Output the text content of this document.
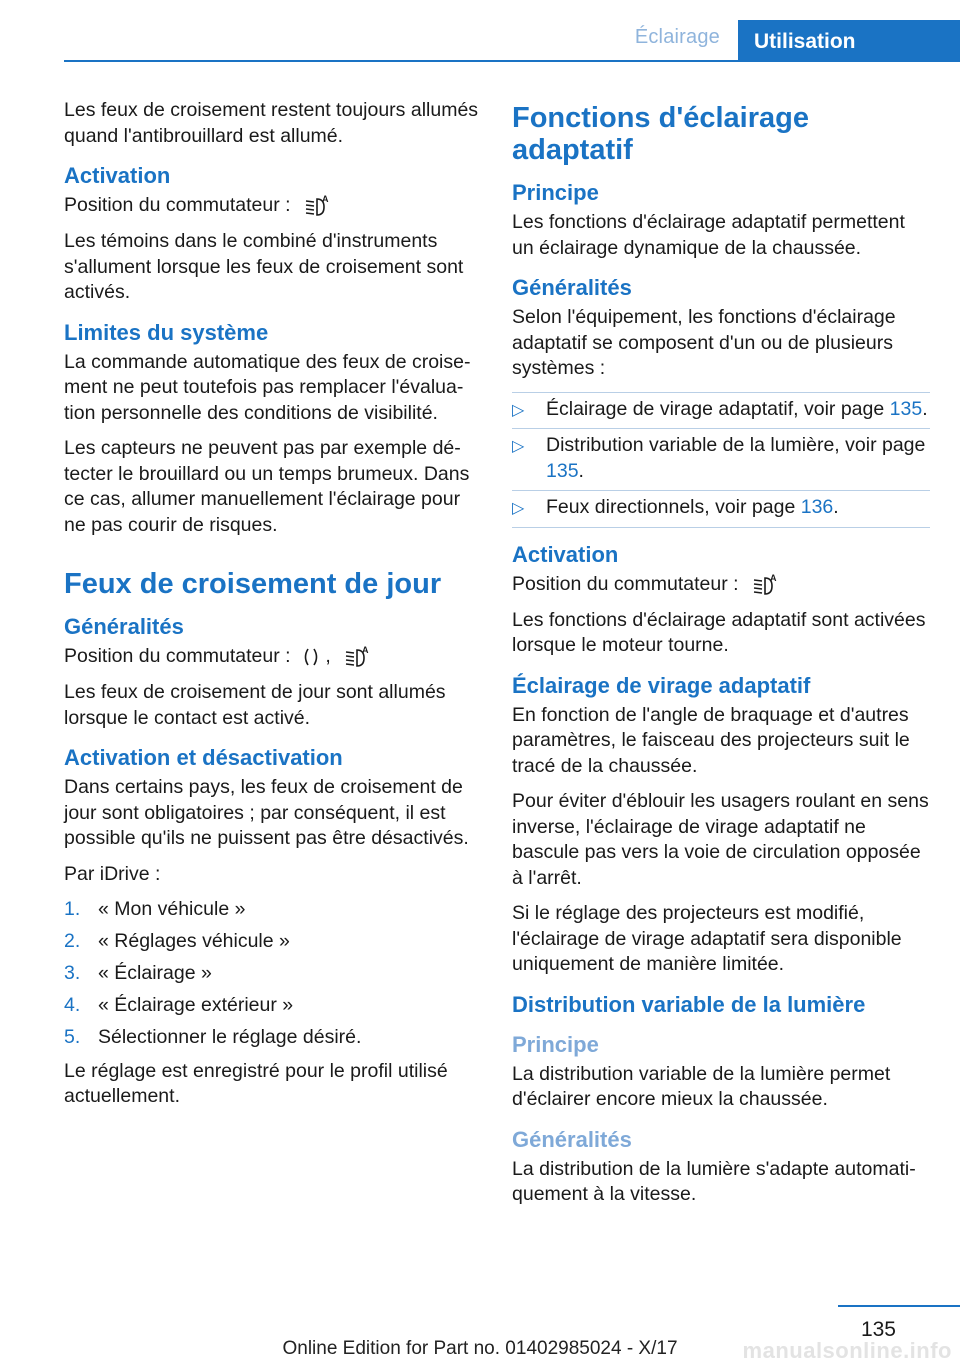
Éclairage	Utilisation

Les feux de croisement restent toujours allumés quand l'antibrouillard est allumé.

Activation

Position du commutateur :	A

Les témoins dans le combiné d'instruments s'allument lorsque les feux de croisement sont activés.

Limites du système

La commande automatique des feux de croisement ne peut toutefois pas remplacer l'évaluation personnelle des conditions de visibilité.

Les capteurs ne peuvent pas par exemple détecter le brouillard ou un temps brumeux. Dans ce cas, allumer manuellement l'éclairage pour ne pas courir de risques.

Feux de croisement de jour
Généralités

Position du commutateur : ,	A

Les feux de croisement de jour sont allumés lorsque le contact est activé.

Activation et désactivation

Dans certains pays, les feux de croisement de jour sont obligatoires ; par conséquent, il est possible qu'ils ne puissent pas être désactivés.

Par iDrive :

1. « Mon véhicule »
2. « Réglages véhicule »
3. « Éclairage »
4. « Éclairage extérieur »
5. Sélectionner le réglage désiré.

Le réglage est enregistré pour le profil utilisé actuellement.

Fonctions d'éclairage adaptatif
Principe

Les fonctions d'éclairage adaptatif permettent un éclairage dynamique de la chaussée.

Généralités

Selon l'équipement, les fonctions d'éclairage adaptatif se composent d'un ou de plusieurs systèmes :

▷ Éclairage de virage adaptatif, voir page 135.
▷ Distribution variable de la lumière, voir page 135.
▷ Feux directionnels, voir page 136.
Activation

Position du commutateur :	A

Les fonctions d'éclairage adaptatif sont activées lorsque le moteur tourne.

Éclairage de virage adaptatif

En fonction de l'angle de braquage et d'autres paramètres, le faisceau des projecteurs suit le tracé de la chaussée.

Pour éviter d'éblouir les usagers roulant en sens inverse, l'éclairage de virage adaptatif ne bascule pas vers la voie de circulation opposée à l'arrêt.

Si le réglage des projecteurs est modifié, l'éclairage de virage adaptatif sera disponible uniquement de manière limitée.

Distribution variable de la lumière
Principe

La distribution variable de la lumière permet d'éclairer encore mieux la chaussée.

Généralités

La distribution de la lumière s'adapte automatiquement à la vitesse.

135
Online Edition for Part no. 01402985024 - X/17	manualsonline.info
